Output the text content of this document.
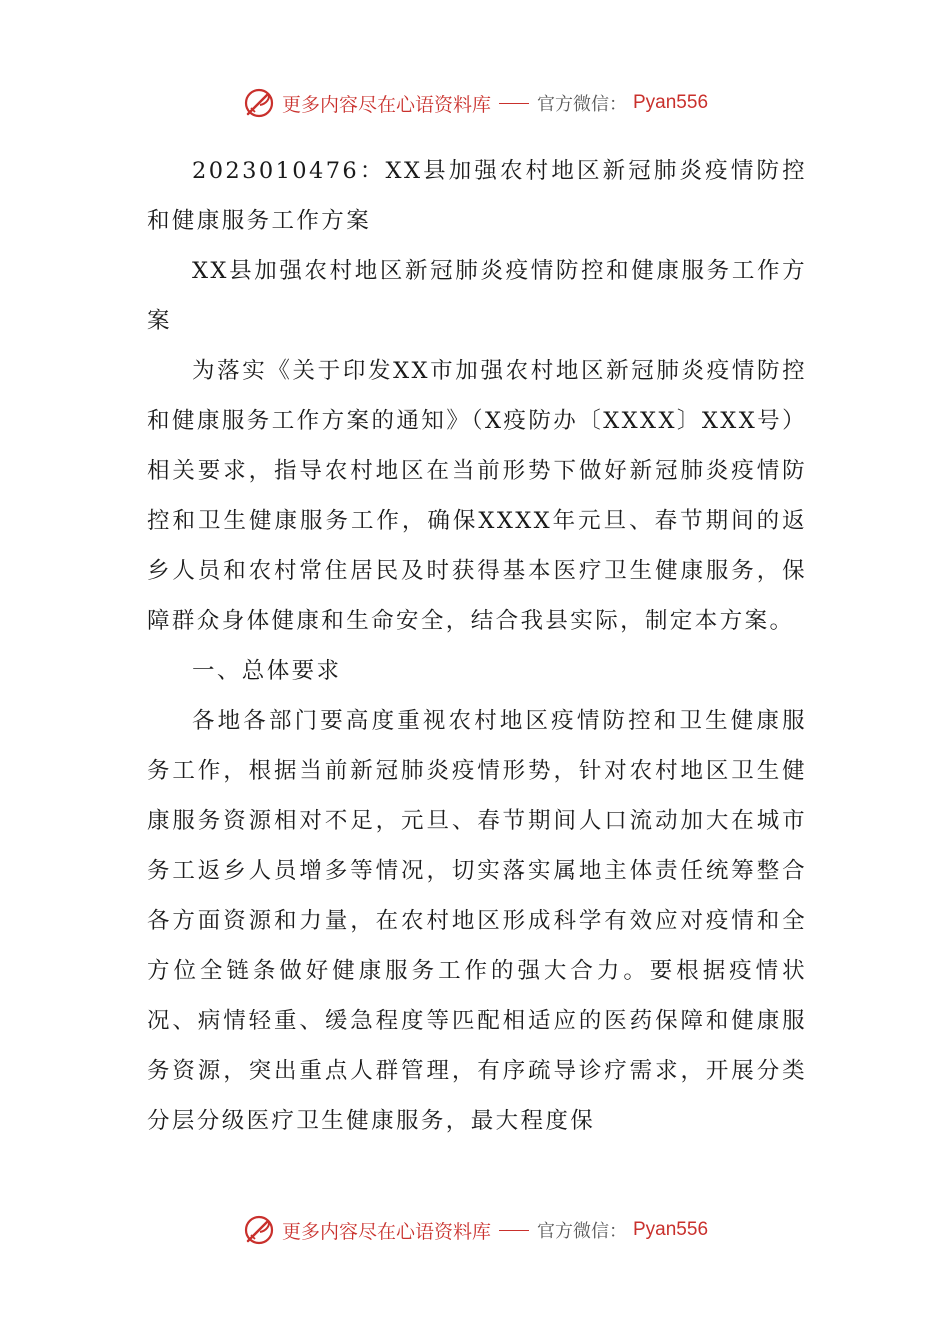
更多内容尽在心语资料库	官方微信： Pyan556

2023010476：XX县加强农村地区新冠肺炎疫情防控和健康服务工作方案

XX县加强农村地区新冠肺炎疫情防控和健康服务工作方案

为落实《关于印发XX市加强农村地区新冠肺炎疫情防控和健康服务工作方案的通知》（X疫防办〔XXXX〕XXX号）相关要求，指导农村地区在当前形势下做好新冠肺炎疫情防控和卫生健康服务工作，确保XXXX年元旦、春节期间的返乡人员和农村常住居民及时获得基本医疗卫生健康服务，保障群众身体健康和生命安全，结合我县实际，制定本方案。

一、总体要求

各地各部门要高度重视农村地区疫情防控和卫生健康服务工作，根据当前新冠肺炎疫情形势，针对农村地区卫生健康服务资源相对不足，元旦、春节期间人口流动加大在城市务工返乡人员增多等情况，切实落实属地主体责任统筹整合各方面资源和力量，在农村地区形成科学有效应对疫情和全方位全链条做好健康服务工作的强大合力。要根据疫情状况、病情轻重、缓急程度等匹配相适应的医药保障和健康服务资源，突出重点人群管理，有序疏导诊疗需求，开展分类分层分级医疗卫生健康服务，最大程度保

更多内容尽在心语资料库	官方微信： Pyan556
